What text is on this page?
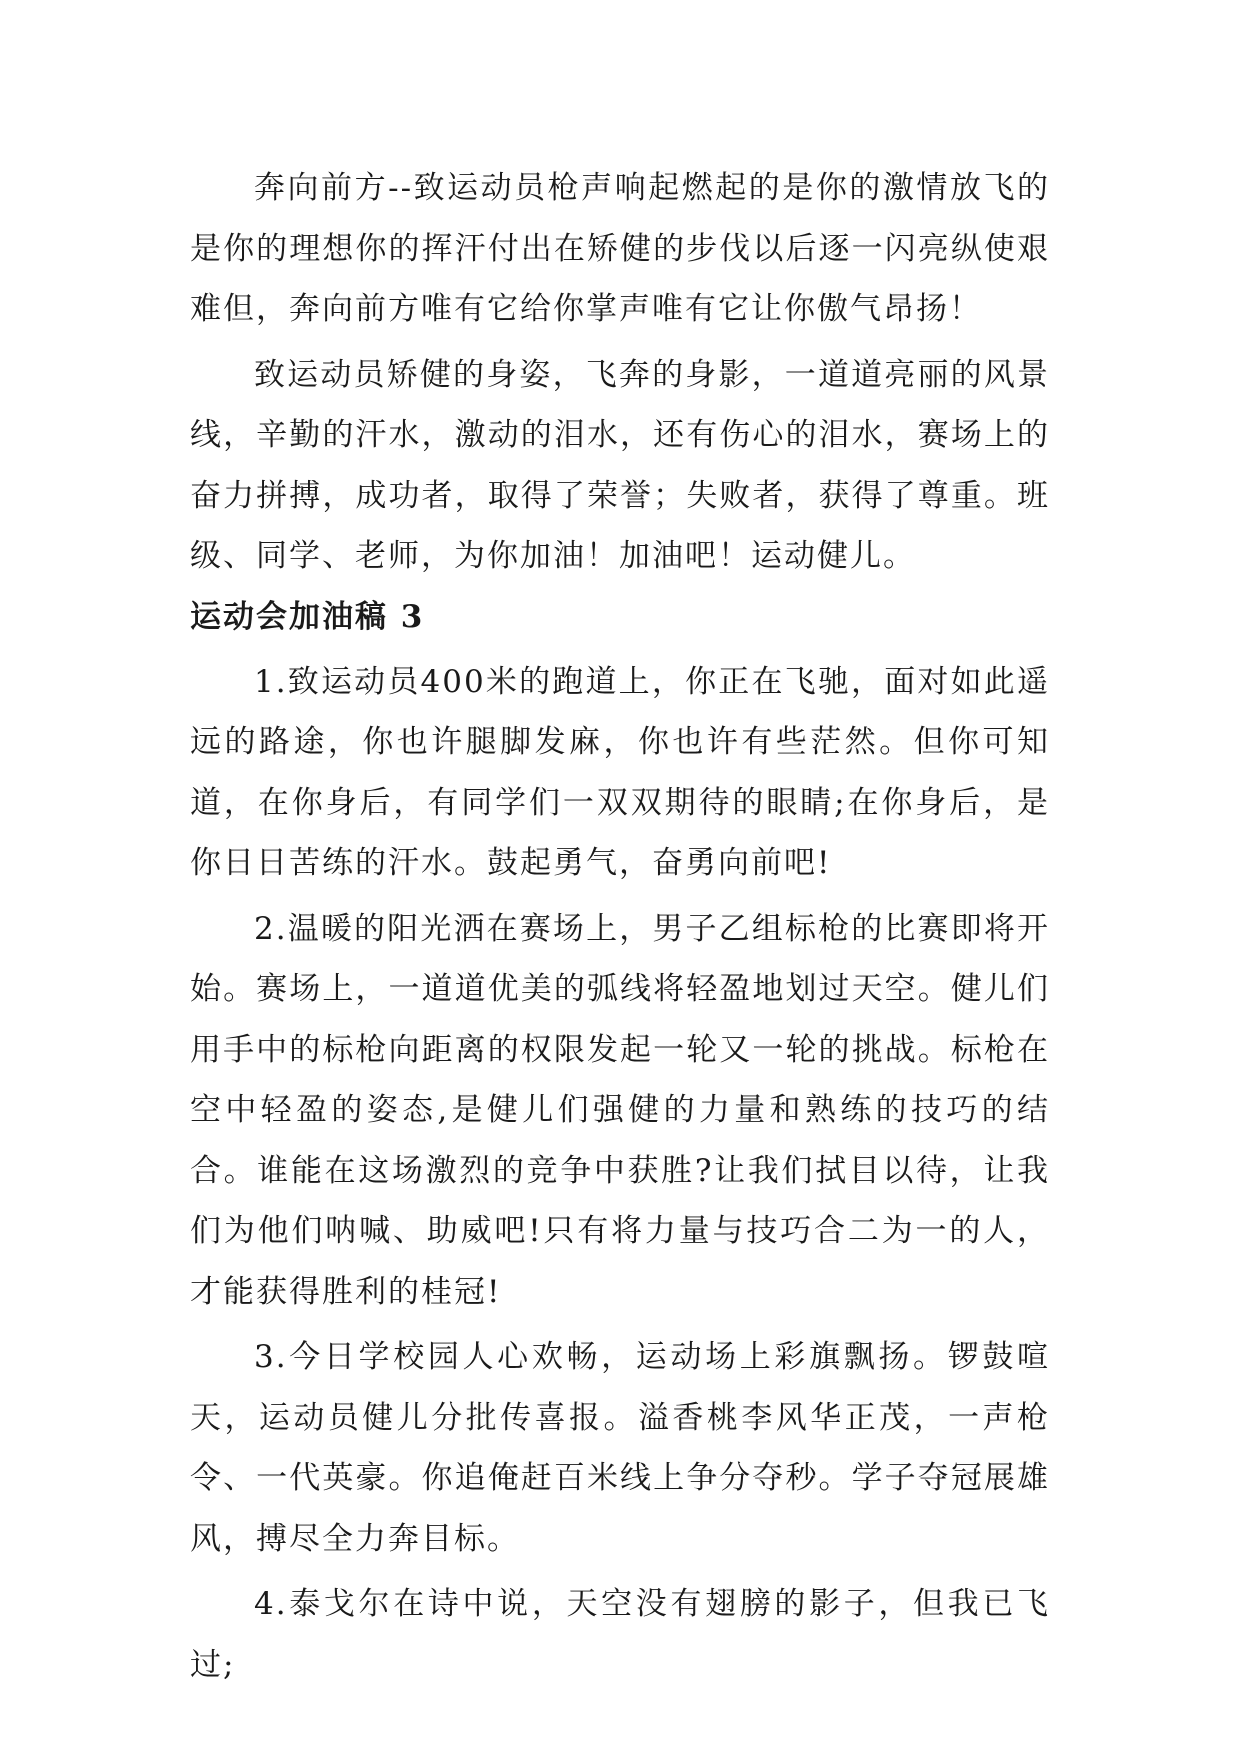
奔向前方--致运动员枪声响起燃起的是你的激情放飞的是你的理想你的挥汗付出在矫健的步伐以后逐一闪亮纵使艰难但，奔向前方唯有它给你掌声唯有它让你傲气昂扬！

致运动员矫健的身姿，飞奔的身影，一道道亮丽的风景线，辛勤的汗水，激动的泪水，还有伤心的泪水，赛场上的奋力拼搏，成功者，取得了荣誉；失败者，获得了尊重。班级、同学、老师，为你加油！加油吧！运动健儿。

运动会加油稿 3

1.致运动员400米的跑道上，你正在飞驰，面对如此遥远的路途，你也许腿脚发麻，你也许有些茫然。但你可知道，在你身后，有同学们一双双期待的眼睛;在你身后，是你日日苦练的汗水。鼓起勇气，奋勇向前吧!

2.温暖的阳光洒在赛场上，男子乙组标枪的比赛即将开始。赛场上，一道道优美的弧线将轻盈地划过天空。健儿们用手中的标枪向距离的权限发起一轮又一轮的挑战。标枪在空中轻盈的姿态,是健儿们强健的力量和熟练的技巧的结合。谁能在这场激烈的竞争中获胜?让我们拭目以待，让我们为他们呐喊、助威吧!只有将力量与技巧合二为一的人，才能获得胜利的桂冠!

3.今日学校园人心欢畅，运动场上彩旗飘扬。锣鼓喧天，运动员健儿分批传喜报。溢香桃李风华正茂，一声枪令、一代英豪。你追俺赶百米线上争分夺秒。学子夺冠展雄风，搏尽全力奔目标。

4.泰戈尔在诗中说，天空没有翅膀的影子，但我已飞过;
